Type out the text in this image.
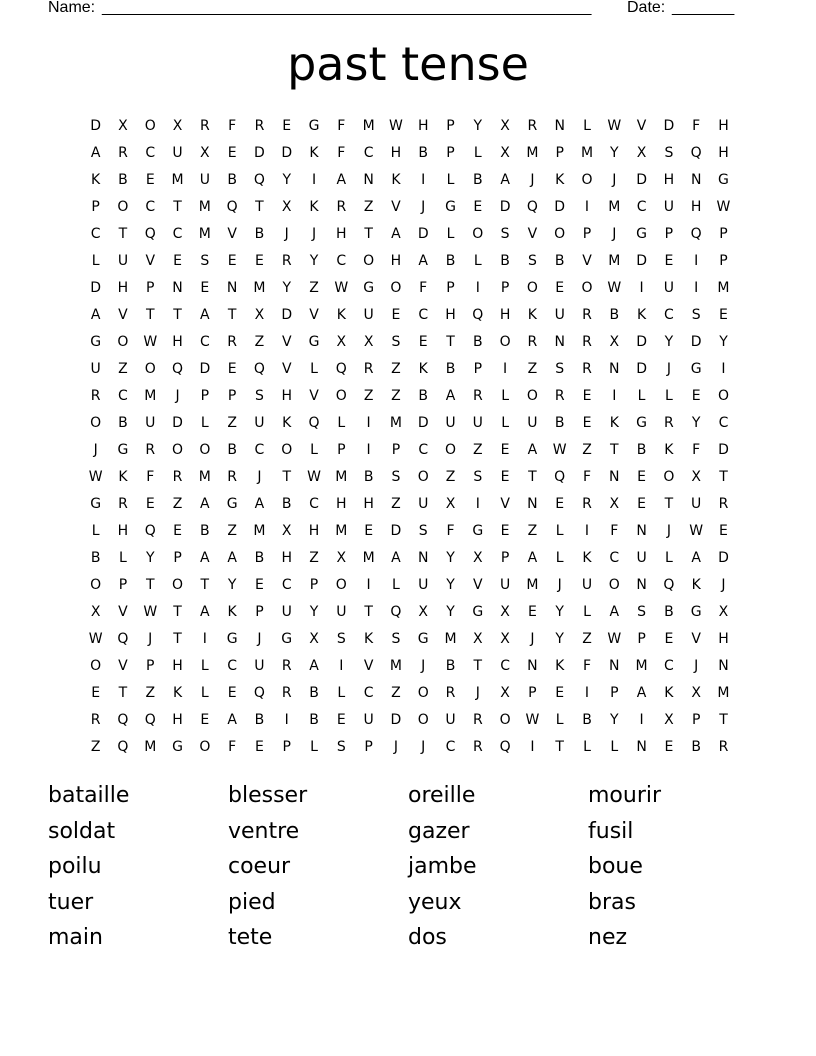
Name: _______________________________________________________ Date: _______
past tense
D	X	O	X	R	F	R	E	G	F	M	W	H	P	Y	X	R	N	L	W	V	D	F	H
A	R	C	U	X	E	D	D	K	F	C	H	B	P	L	X	M	P	M	Y	X	S	Q	H
K	B	E	M	U	B	Q	Y	I	A	N	K	I	L	B	A	J	K	O	J	D	H	N	G
P	O	C	T	M	Q	T	X	K	R	Z	V	J	G	E	D	Q	D	I	M	C	U	H	W
C	T	Q	C	M	V	B	J	J	H	T	A	D	L	O	S	V	O	P	J	G	P	Q	P
L	U	V	E	S	E	E	R	Y	C	O	H	A	B	L	B	S	B	V	M	D	E	I	P
D	H	P	N	E	N	M	Y	Z	W	G	O	F	P	I	P	O	E	O	W	I	U	I	M
A	V	T	T	A	T	X	D	V	K	U	E	C	H	Q	H	K	U	R	B	K	C	S	E
G	O	W	H	C	R	Z	V	G	X	X	S	E	T	B	O	R	N	R	X	D	Y	D	Y
U	Z	O	Q	D	E	Q	V	L	Q	R	Z	K	B	P	I	Z	S	R	N	D	J	G	I
R	C	M	J	P	P	S	H	V	O	Z	Z	B	A	R	L	O	R	E	I	L	L	E	O
O	B	U	D	L	Z	U	K	Q	L	I	M	D	U	U	L	U	B	E	K	G	R	Y	C
J	G	R	O	O	B	C	O	L	P	I	P	C	O	Z	E	A	W	Z	T	B	K	F	D
W	K	F	R	M	R	J	T	W	M	B	S	O	Z	S	E	T	Q	F	N	E	O	X	T
G	R	E	Z	A	G	A	B	C	H	H	Z	U	X	I	V	N	E	R	X	E	T	U	R
L	H	Q	E	B	Z	M	X	H	M	E	D	S	F	G	E	Z	L	I	F	N	J	W	E
B	L	Y	P	A	A	B	H	Z	X	M	A	N	Y	X	P	A	L	K	C	U	L	A	D
O	P	T	O	T	Y	E	C	P	O	I	L	U	Y	V	U	M	J	U	O	N	Q	K	J
X	V	W	T	A	K	P	U	Y	U	T	Q	X	Y	G	X	E	Y	L	A	S	B	G	X
W	Q	J	T	I	G	J	G	X	S	K	S	G	M	X	X	J	Y	Z	W	P	E	V	H
O	V	P	H	L	C	U	R	A	I	V	M	J	B	T	C	N	K	F	N	M	C	J	N
E	T	Z	K	L	E	Q	R	B	L	C	Z	O	R	J	X	P	E	I	P	A	K	X	M
R	Q	Q	H	E	A	B	I	B	E	U	D	O	U	R	O	W	L	B	Y	I	X	P	T
Z	Q	M	G	O	F	E	P	L	S	P	J	J	C	R	Q	I	T	L	L	N	E	B	R
bataille	blesser	oreille	mourir
soldat	ventre	gazer	fusil
poilu	coeur	jambe	boue
tuer	pied	yeux	bras
main	tete	dos	nez
